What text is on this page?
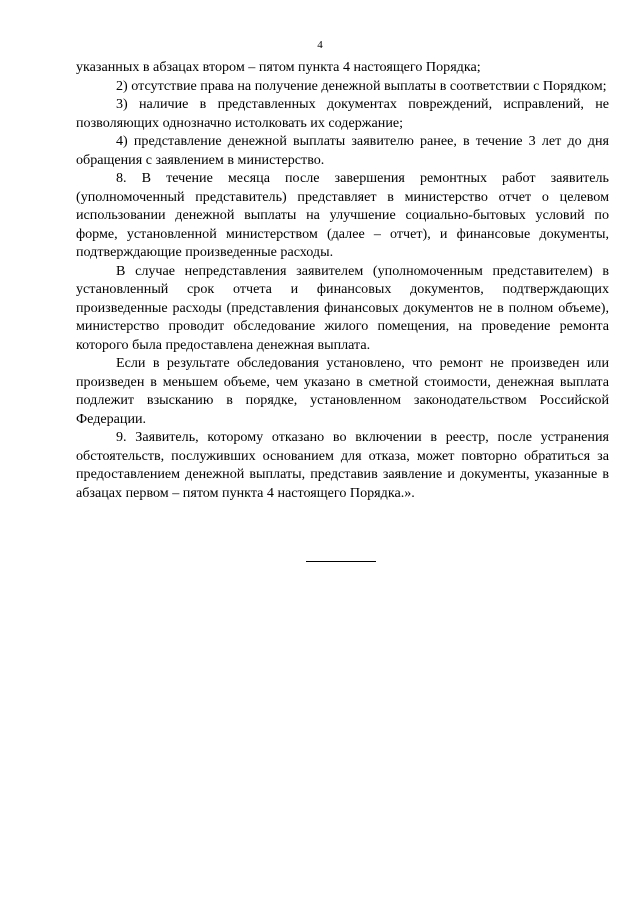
4

указанных в абзацах втором – пятом пункта 4 настоящего Порядка;

2) отсутствие права на получение денежной выплаты в соответствии с Порядком;

3) наличие в представленных документах повреждений, исправлений, не позволяющих однозначно истолковать их содержание;

4) представление денежной выплаты заявителю ранее, в течение 3 лет до дня обращения с заявлением в министерство.

8. В течение месяца после завершения ремонтных работ заявитель (уполномоченный представитель) представляет в министерство отчет о целевом использовании денежной выплаты на улучшение социально-бытовых условий по форме, установленной министерством (далее – отчет), и финансовые документы, подтверждающие произведенные расходы.

В случае непредставления заявителем (уполномоченным представителем) в установленный срок отчета и финансовых документов, подтверждающих произведенные расходы (представления финансовых документов не в полном объеме), министерство проводит обследование жилого помещения, на проведение ремонта которого была предоставлена денежная выплата.

Если в результате обследования установлено, что ремонт не произведен или произведен в меньшем объеме, чем указано в сметной стоимости, денежная выплата подлежит взысканию в порядке, установленном законодательством Российской Федерации.

9. Заявитель, которому отказано во включении в реестр, после устранения обстоятельств, послуживших основанием для отказа, может повторно обратиться за предоставлением денежной выплаты, представив заявление и документы, указанные в абзацах первом – пятом пункта 4 настоящего Порядка.».
